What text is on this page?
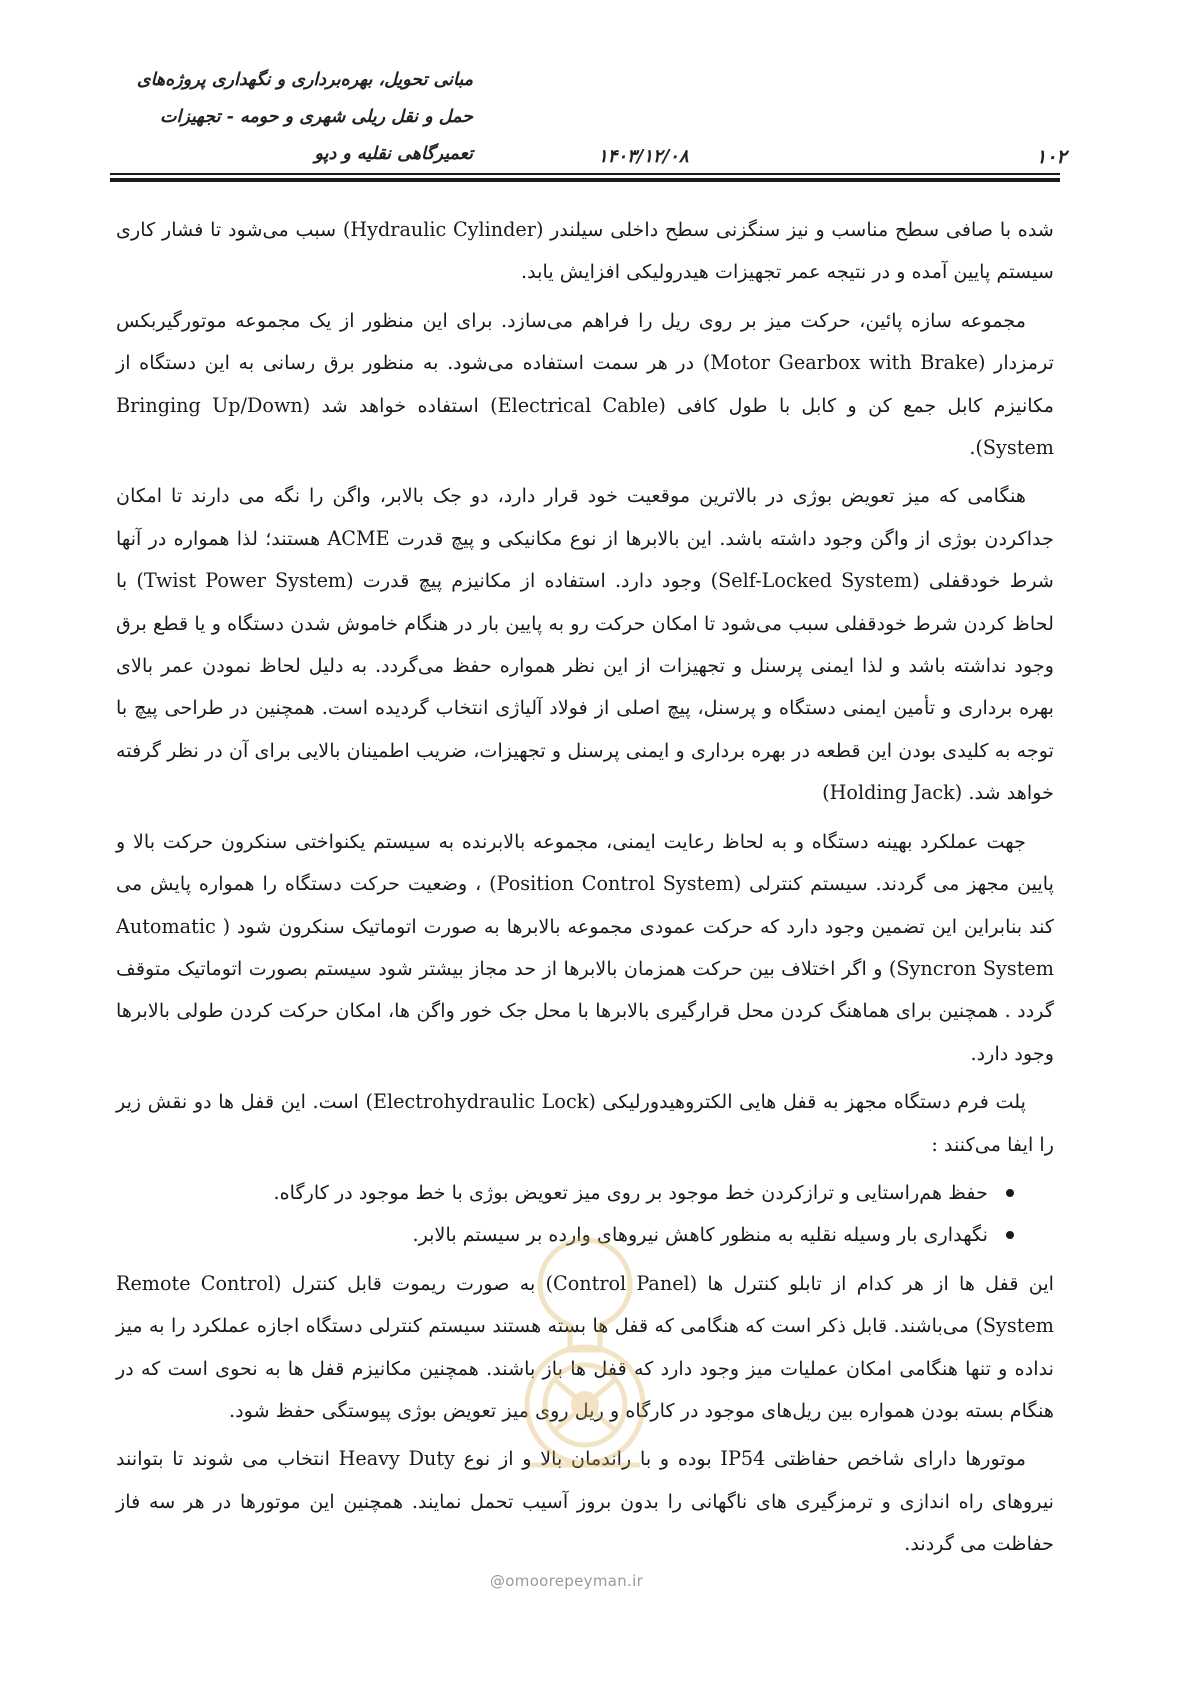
مبانی تحویل، بهره‌برداری و نگهداری پروژه‌های
حمل و نقل ریلی شهری و حومه - تجهیزات
تعمیرگاهی نقلیه و دپو	۱۴۰۳/۱۲/۰۸	۱۰۲

شده با صافی سطح مناسب و نیز سنگزنی سطح داخلی سیلندر (Hydraulic Cylinder) سبب می‌شود تا فشار کاری سیستم پایین آمده و در نتیجه عمر تجهیزات هیدرولیکی افزایش یابد.

مجموعه سازه پائین، حرکت میز بر روی ریل را فراهم می‌سازد. برای این منظور از یک مجموعه موتورگیربکس ترمزدار (Motor Gearbox with Brake) در هر سمت استفاده می‌شود. به منظور برق رسانی به این دستگاه از مکانیزم کابل جمع کن و کابل با طول کافی (Electrical Cable) استفاده خواهد شد (Bringing Up/Down System).

هنگامی که میز تعویض بوژی در بالاترین موقعیت خود قرار دارد، دو جک بالابر، واگن را نگه می دارند تا امکان جداکردن بوژی از واگن وجود داشته باشد. این بالابرها از نوع مکانیکی و پیچ قدرت ACME هستند؛ لذا همواره در آنها شرط خودقفلی (Self-Locked System) وجود دارد. استفاده از مکانیزم پیچ قدرت (Twist Power System) با لحاظ کردن شرط خودقفلی سبب می‌شود تا امکان حرکت رو به پایین بار در هنگام خاموش شدن دستگاه و یا قطع برق وجود نداشته باشد و لذا ایمنی پرسنل و تجهیزات از این نظر همواره حفظ می‌گردد. به دلیل لحاظ نمودن عمر بالای بهره برداری و تأمین ایمنی دستگاه و پرسنل، پیچ اصلی از فولاد آلیاژی انتخاب گردیده است. همچنین در طراحی پیچ با توجه به کلیدی بودن این قطعه در بهره برداری و ایمنی پرسنل و تجهیزات، ضریب اطمینان بالایی برای آن در نظر گرفته خواهد شد. (Holding Jack)

جهت عملکرد بهینه دستگاه و به لحاظ رعایت ایمنی، مجموعه بالابرنده به سیستم یکنواختی سنکرون حرکت بالا و پایین مجهز می گردند. سیستم کنترلی (Position Control System) ، وضعیت حرکت دستگاه را همواره پایش می کند بنابراین این تضمین وجود دارد که حرکت عمودی مجموعه بالابرها به صورت اتوماتیک سنکرون شود ( Automatic Syncron System) و اگر اختلاف بین حرکت همزمان بالابرها از حد مجاز بیشتر شود سیستم بصورت اتوماتیک متوقف گردد . همچنین برای هماهنگ کردن محل قرارگیری بالابرها با محل جک خور واگن ها، امکان حرکت کردن طولی بالابرها وجود دارد.

پلت فرم دستگاه مجهز به قفل هایی الکتروهیدورلیکی (Electrohydraulic Lock) است. این قفل ها دو نقش زیر را ایفا می‌کنند :

حفظ هم‌راستایی و ترازکردن خط موجود بر روی میز تعویض بوژی با خط موجود در کارگاه.
نگهداری بار وسیله نقلیه به منظور کاهش نیروهای وارده بر سیستم بالابر.

این قفل ها از هر کدام از تابلو کنترل ها (Control Panel) به صورت ریموت قابل کنترل (Remote Control System) می‌باشند. قابل ذکر است که هنگامی که قفل ها بسته هستند سیستم کنترلی دستگاه اجازه عملکرد را به میز نداده و تنها هنگامی امکان عملیات میز وجود دارد که قفل ها باز باشند. همچنین مکانیزم قفل ها به نحوی است که در هنگام بسته بودن همواره بین ریل‌های موجود در کارگاه و ریل روی میز تعویض بوژی پیوستگی حفظ شود.

موتورها دارای شاخص حفاظتی IP54 بوده و با راندمان بالا و از نوع Heavy Duty انتخاب می شوند تا بتوانند نیروهای راه اندازی و ترمزگیری های ناگهانی را بدون بروز آسیب تحمل نمایند. همچنین این موتورها در هر سه فاز حفاظت می گردند.

@omoorepeyman.ir
